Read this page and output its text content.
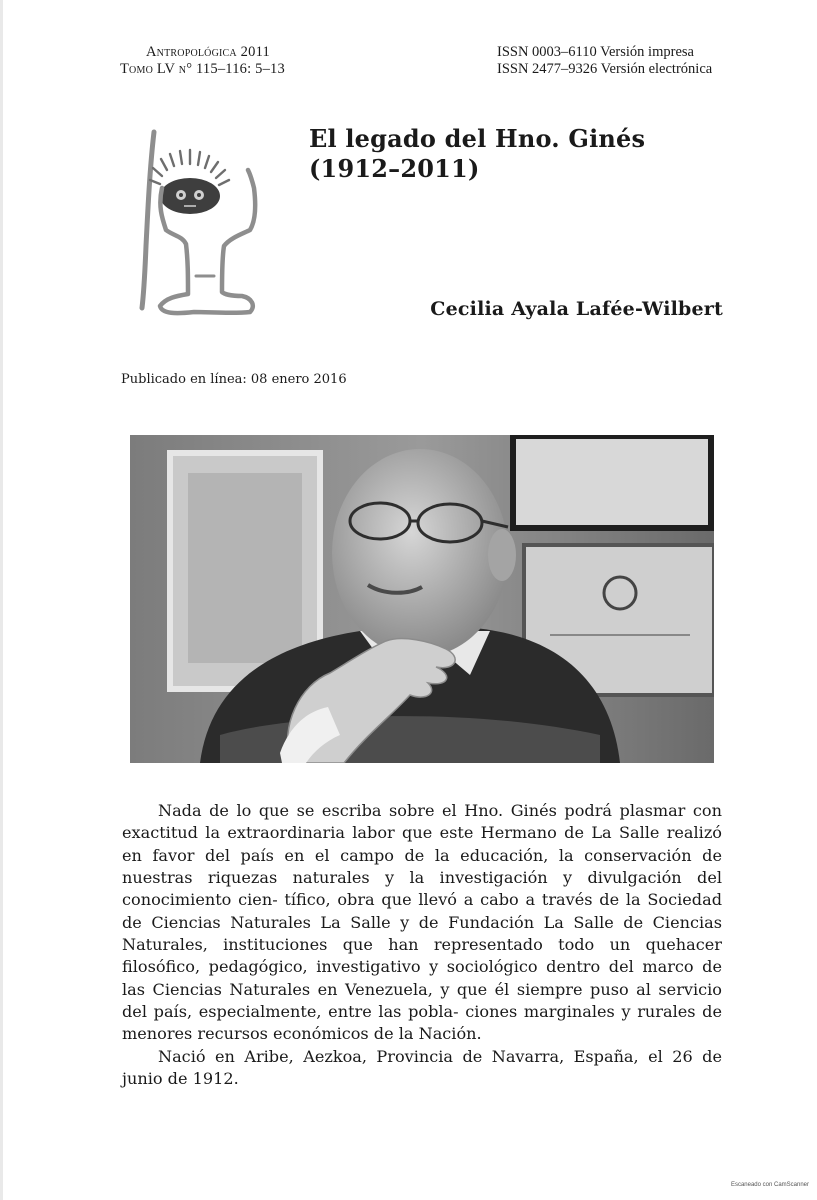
Antropológica 2011
Tomo LV n° 115–116: 5–13
ISSN 0003–6110 Versión impresa
ISSN 2477–9326 Versión electrónica
El legado del Hno. Ginés
(1912–2011)
Cecilia Ayala Lafée-Wilbert
Publicado en línea: 08 enero 2016

Nada de lo que se escriba sobre el Hno. Ginés podrá plasmar con exactitud la extraordinaria labor que este Hermano de La Salle realizó en favor del país en el campo de la educación, la conservación de nuestras riquezas naturales y la investigación y divulgación del conocimiento cien- tífico, obra que llevó a cabo a través de la Sociedad de Ciencias Naturales La Salle y de Fundación La Salle de Ciencias Naturales, instituciones que han representado todo un quehacer filosófico, pedagógico, investigativo y sociológico dentro del marco de las Ciencias Naturales en Venezuela, y que él siempre puso al servicio del país, especialmente, entre las pobla- ciones marginales y rurales de menores recursos económicos de la Nación.

Nació en Aribe, Aezkoa, Provincia de Navarra, España, el 26 de junio de 1912.

Escaneado con CamScanner
